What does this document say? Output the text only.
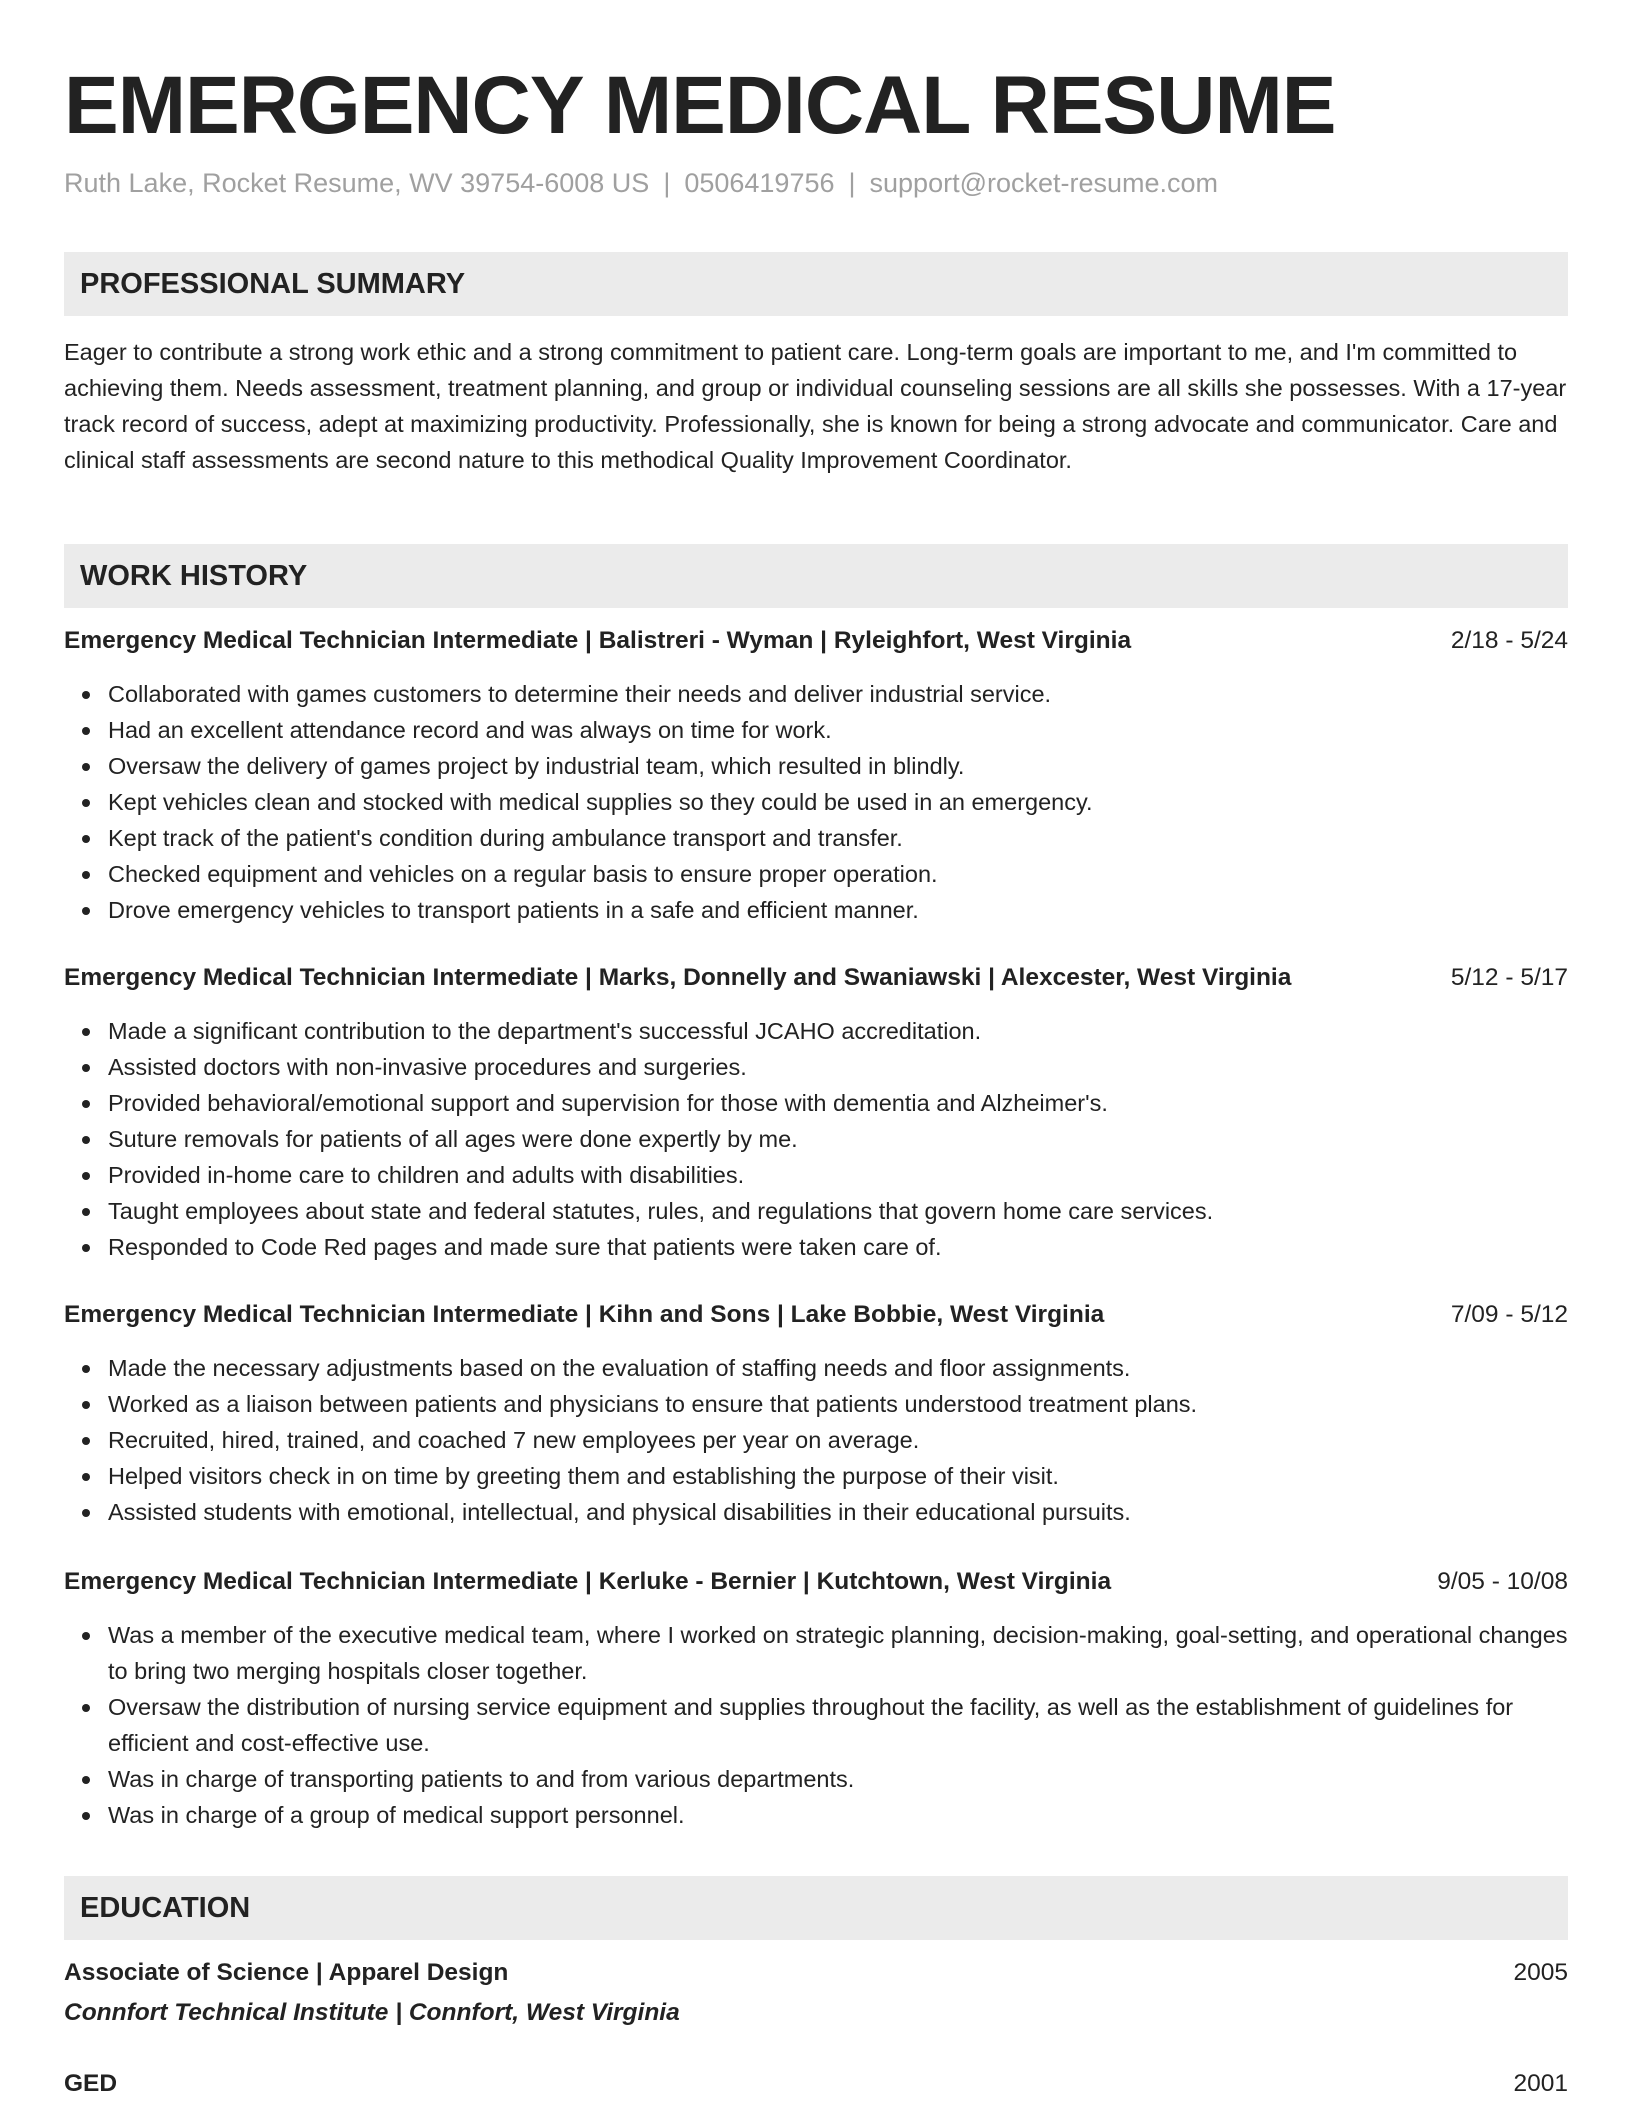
EMERGENCY MEDICAL RESUME
Ruth Lake, Rocket Resume, WV 39754-6008 US | 0506419756 | support@rocket-resume.com
PROFESSIONAL SUMMARY

Eager to contribute a strong work ethic and a strong commitment to patient care. Long-term goals are important to me, and I'm committed to achieving them. Needs assessment, treatment planning, and group or individual counseling sessions are all skills she possesses. With a 17-year track record of success, adept at maximizing productivity. Professionally, she is known for being a strong advocate and communicator. Care and clinical staff assessments are second nature to this methodical Quality Improvement Coordinator.

WORK HISTORY
Emergency Medical Technician Intermediate | Balistreri - Wyman | Ryleighfort, West Virginia	2/18 - 5/24
Collaborated with games customers to determine their needs and deliver industrial service.
Had an excellent attendance record and was always on time for work.
Oversaw the delivery of games project by industrial team, which resulted in blindly.
Kept vehicles clean and stocked with medical supplies so they could be used in an emergency.
Kept track of the patient's condition during ambulance transport and transfer.
Checked equipment and vehicles on a regular basis to ensure proper operation.
Drove emergency vehicles to transport patients in a safe and efficient manner.
Emergency Medical Technician Intermediate | Marks, Donnelly and Swaniawski | Alexcester, West Virginia	5/12 - 5/17
Made a significant contribution to the department's successful JCAHO accreditation.
Assisted doctors with non-invasive procedures and surgeries.
Provided behavioral/emotional support and supervision for those with dementia and Alzheimer's.
Suture removals for patients of all ages were done expertly by me.
Provided in-home care to children and adults with disabilities.
Taught employees about state and federal statutes, rules, and regulations that govern home care services.
Responded to Code Red pages and made sure that patients were taken care of.
Emergency Medical Technician Intermediate | Kihn and Sons | Lake Bobbie, West Virginia	7/09 - 5/12
Made the necessary adjustments based on the evaluation of staffing needs and floor assignments.
Worked as a liaison between patients and physicians to ensure that patients understood treatment plans.
Recruited, hired, trained, and coached 7 new employees per year on average.
Helped visitors check in on time by greeting them and establishing the purpose of their visit.
Assisted students with emotional, intellectual, and physical disabilities in their educational pursuits.
Emergency Medical Technician Intermediate | Kerluke - Bernier | Kutchtown, West Virginia	9/05 - 10/08
Was a member of the executive medical team, where I worked on strategic planning, decision-making, goal-setting, and operational changes to bring two merging hospitals closer together.
Oversaw the distribution of nursing service equipment and supplies throughout the facility, as well as the establishment of guidelines for efficient and cost-effective use.
Was in charge of transporting patients to and from various departments.
Was in charge of a group of medical support personnel.
EDUCATION
Associate of Science | Apparel Design	2005
Connfort Technical Institute | Connfort, West Virginia
GED	2001
